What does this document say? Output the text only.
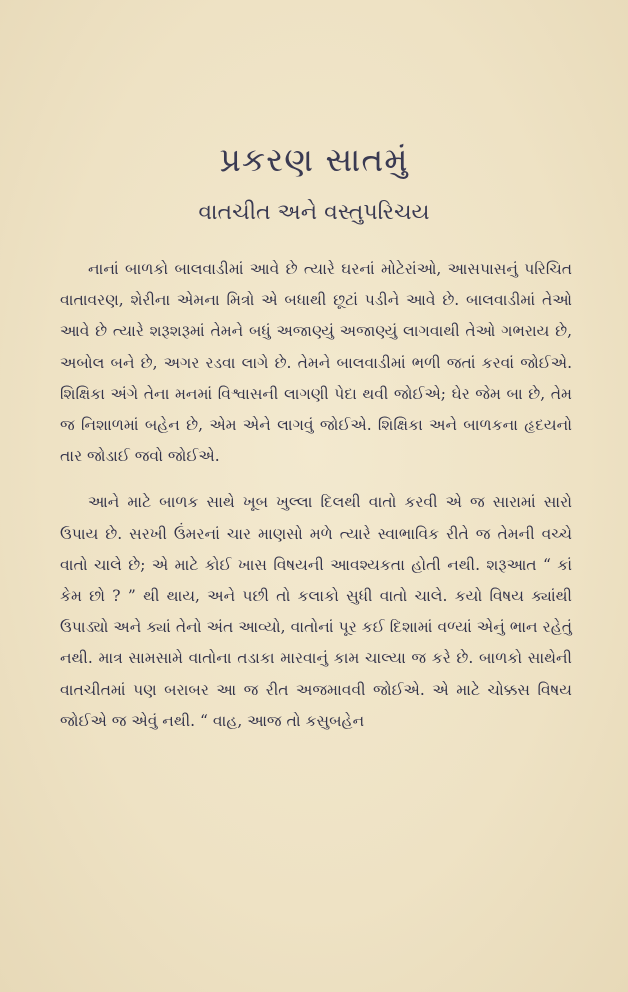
પ્રકરણ સાતમું
વાતચીત અને વસ્તુપરિચય

નાનાં બાળકો બાલવાડીમાં આવે છે ત્યારે ઘરનાં મોટેરાંઓ, આસપાસનું પરિચિત વાતાવરણ, શેરીના એમના મિત્રો એ બધાથી છૂટાં પડીને આવે છે. બાલવાડીમાં તેઓ આવે છે ત્યારે શરૂશરૂમાં તેમને બધું અજાણ્યું અજાણ્યું લાગવાથી તેઓ ગભરાય છે, અબોલ બને છે, અગર રડવા લાગે છે. તેમને બાલવાડીમાં ભળી જતાં કરવાં જોઈએ. શિક્ષિકા અંગે તેના મનમાં વિશ્વાસની લાગણી પેદા થવી જોઈએ; ઘેર જેમ બા છે, તેમ જ નિશાળમાં બહેન છે, એમ એને લાગવું જોઈએ. શિક્ષિકા અને બાળકના હૃદયનો તાર જોડાઈ જવો જોઈએ.

આને માટે બાળક સાથે ખૂબ ખુલ્લા દિલથી વાતો કરવી એ જ સારામાં સારો ઉપાય છે. સરખી ઉંમરનાં ચાર માણસો મળે ત્યારે સ્વાભાવિક રીતે જ તેમની વચ્ચે વાતો ચાલે છે; એ માટે કોઈ ખાસ વિષયની આવશ્યકતા હોતી નથી. શરૂઆત “ કાં કેમ છો ? ” થી થાય, અને પછી તો કલાકો સુધી વાતો ચાલે. કયો વિષય ક્યાંથી ઉપાડ્યો અને ક્યાં તેનો અંત આવ્યો, વાતોનાં પૂર કઈ દિશામાં વળ્યાં એનું ભાન રહેતું નથી. માત્ર સામસામે વાતોના તડાકા મારવાનું કામ ચાલ્યા જ કરે છે. બાળકો સાથેની વાતચીતમાં પણ બરાબર આ જ રીત અજમાવવી જોઈએ. એ માટે ચોક્કસ વિષય જોઈએ જ એવું નથી. “ વાહ, આજ તો કસુબહેન
